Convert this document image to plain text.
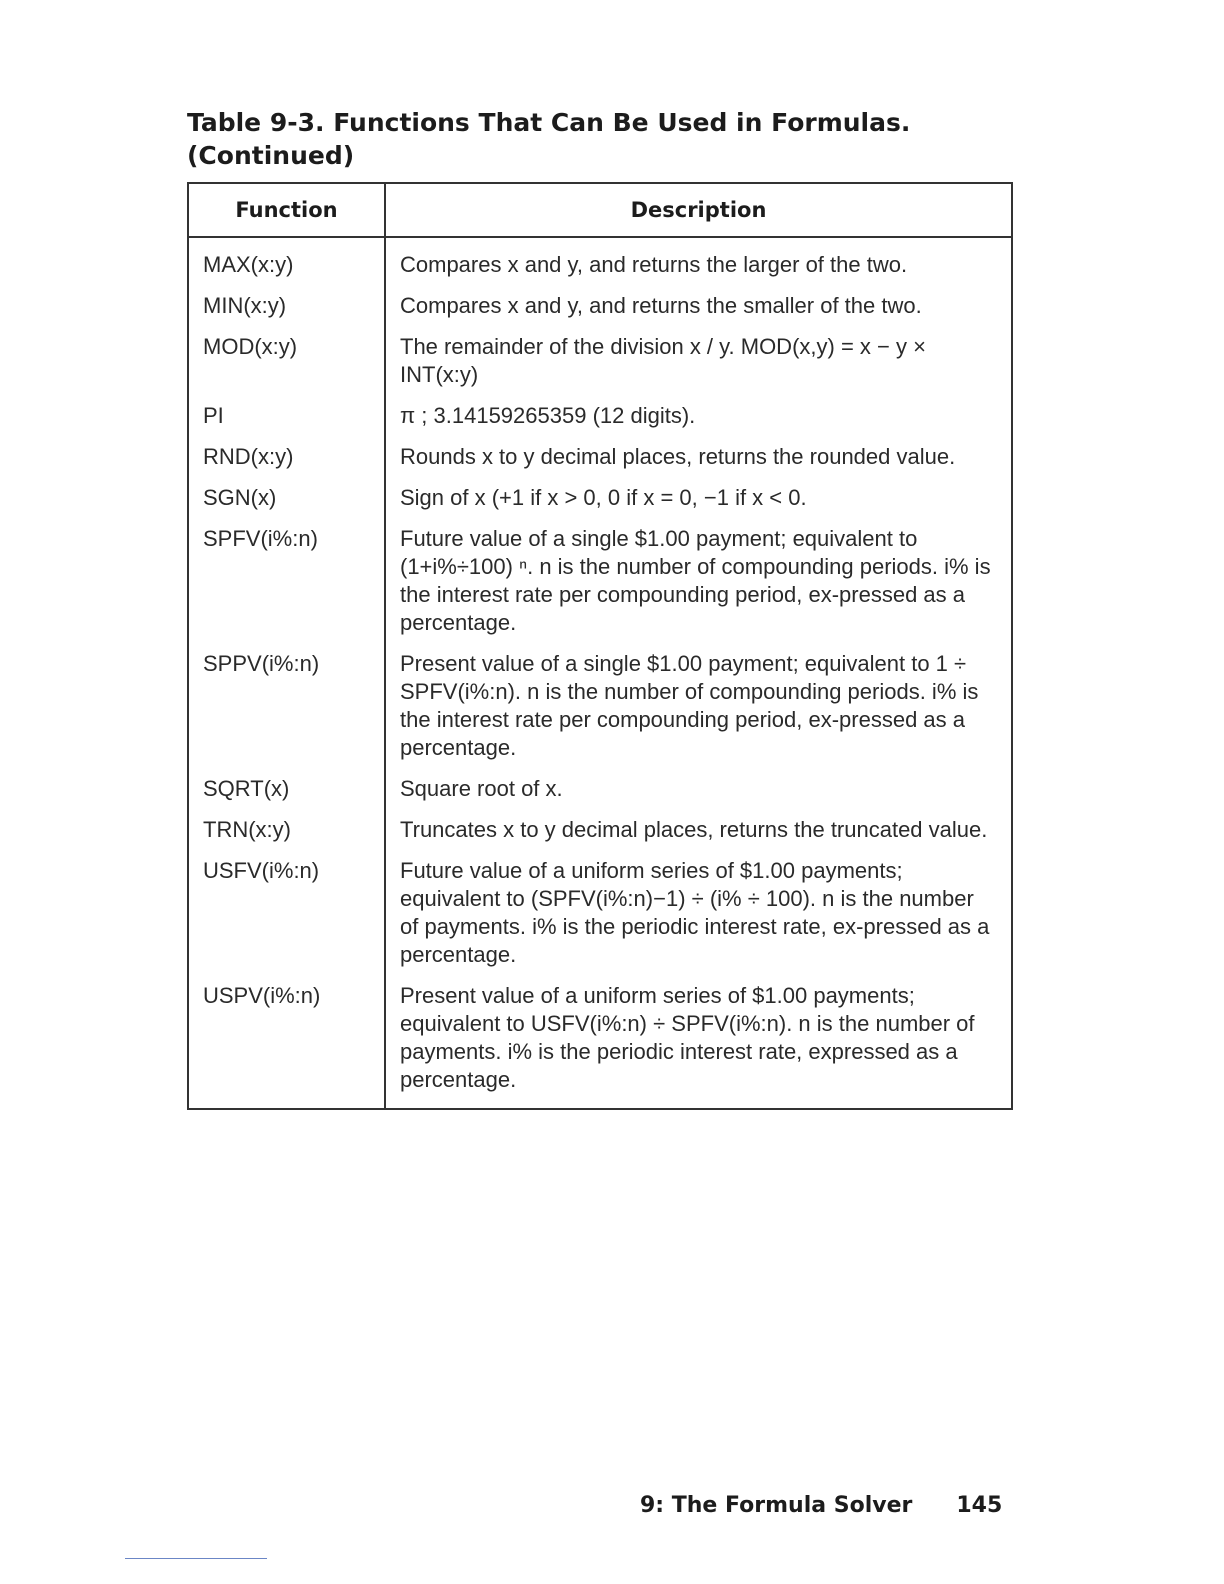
Table 9-3. Functions That Can Be Used in Formulas.
(Continued)
Function	Description
MAX(x:y)	Compares x and y, and returns the larger of the two.
MIN(x:y)	Compares x and y, and returns the smaller of the two.
MOD(x:y)	The remainder of the division x / y. MOD(x,y) = x − y × INT(x:y)
PI	π ; 3.14159265359 (12 digits).
RND(x:y)	Rounds x to y decimal places, returns the rounded value.
SGN(x)	Sign of x (+1 if x > 0, 0 if x = 0, −1 if x < 0.
SPFV(i%:n)	Future value of a single $1.00 payment; equivalent to (1+i%÷100) ⁿ. n is the number of compounding periods. i% is the interest rate per compounding period, ex-pressed as a percentage.
SPPV(i%:n)	Present value of a single $1.00 payment; equivalent to 1 ÷ SPFV(i%:n). n is the number of compounding periods. i% is the interest rate per compounding period, ex-pressed as a percentage.
SQRT(x)	Square root of x.
TRN(x:y)	Truncates x to y decimal places, returns the truncated value.
USFV(i%:n)	Future value of a uniform series of $1.00 payments; equivalent to (SPFV(i%:n)−1) ÷ (i% ÷ 100). n is the number of payments. i% is the periodic interest rate, ex-pressed as a percentage.
USPV(i%:n)	Present value of a uniform series of $1.00 payments; equivalent to USFV(i%:n) ÷ SPFV(i%:n). n is the number of payments. i% is the periodic interest rate, expressed as a percentage.
9: The Formula Solver 145
